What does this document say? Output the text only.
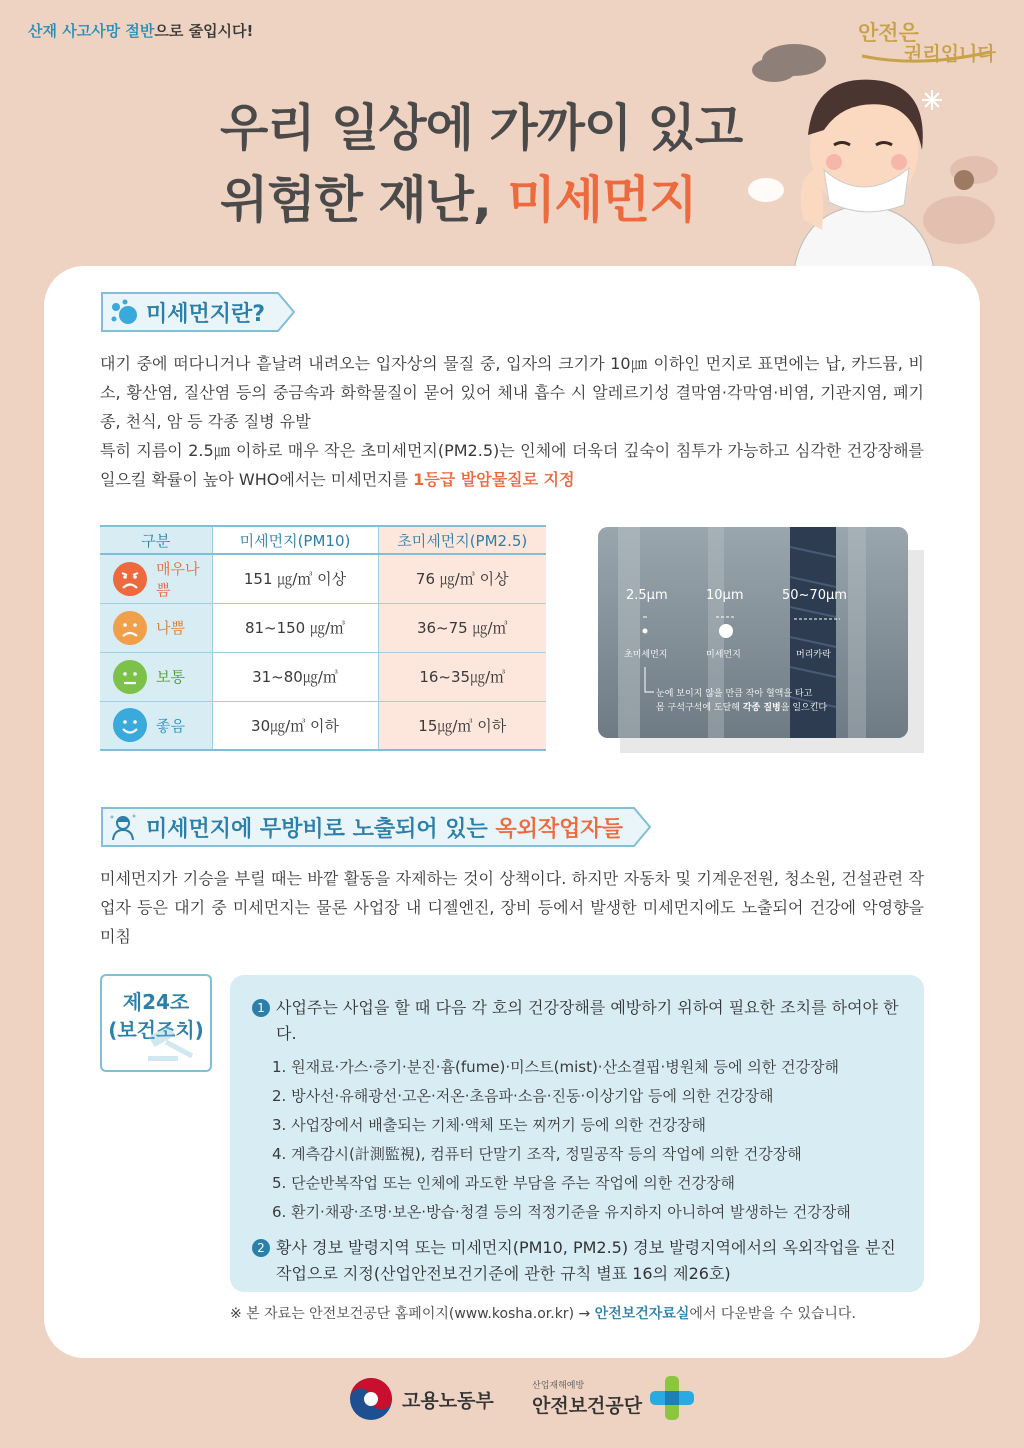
산재 사고사망 절반으로 줄입시다!	안전은
권리입니다
우리 일상에 가까이 있고
위험한 재난, 미세먼지
미세먼지란?
대기 중에 떠다니거나 흩날려 내려오는 입자상의 물질 중, 입자의 크기가 10㎛ 이하인 먼지로 표면에는 납, 카드뮴, 비소, 황산염, 질산염 등의 중금속과 화학물질이 묻어 있어 체내 흡수 시 알레르기성 결막염·각막염·비염, 기관지염, 폐기종, 천식, 암 등 각종 질병 유발
특히 지름이 2.5㎛ 이하로 매우 작은 초미세먼지(PM2.5)는 인체에 더욱더 깊숙이 침투가 가능하고 심각한 건강장해를 일으킬 확률이 높아 WHO에서는 미세먼지를 1등급 발암물질로 지정
구분	미세먼지(PM10)	초미세먼지(PM2.5)

매우나쁨	151 ㎍/㎥ 이상	76 ㎍/㎥ 이상

나쁨	81~150 ㎍/㎥	36~75 ㎍/㎥

보통	31~80㎍/㎥	16~35㎍/㎥

좋음	30㎍/㎥ 이하	15㎍/㎥ 이하
2.5μm	10μm	50~70μm
초미세먼지	미세먼지	머리카락
눈에 보이지 않을 만큼 작아 혈액을 타고
몸 구석구석에 도달해 각종 질병을 일으킨다
미세먼지에 무방비로 노출되어 있는 옥외작업자들
미세먼지가 기승을 부릴 때는 바깥 활동을 자제하는 것이 상책이다. 하지만 자동차 및 기계운전원, 청소원, 건설관련 작업자 등은 대기 중 미세먼지는 물론 사업장 내 디젤엔진, 장비 등에서 발생한 미세먼지에도 노출되어 건강에 악영향을 미침
제24조
(보건조치)
1 사업주는 사업을 할 때 다음 각 호의 건강장해를 예방하기 위하여 필요한 조치를 하여야 한다.
1. 원재료·가스·증기·분진·흄(fume)·미스트(mist)·산소결핍·병원체 등에 의한 건강장해
2. 방사선·유해광선·고온·저온·초음파·소음·진동·이상기압 등에 의한 건강장해
3. 사업장에서 배출되는 기체·액체 또는 찌꺼기 등에 의한 건강장해
4. 계측감시(計測監視), 컴퓨터 단말기 조작, 정밀공작 등의 작업에 의한 건강장해
5. 단순반복작업 또는 인체에 과도한 부담을 주는 작업에 의한 건강장해
6. 환기·채광·조명·보온·방습·청결 등의 적정기준을 유지하지 아니하여 발생하는 건강장해
2 황사 경보 발령지역 또는 미세먼지(PM10, PM2.5) 경보 발령지역에서의 옥외작업을 분진작업으로 지정(산업안전보건기준에 관한 규칙 별표 16의 제26호)
※ 본 자료는 안전보건공단 홈페이지(www.kosha.or.kr) → 안전보건자료실에서 다운받을 수 있습니다.
고용노동부
산업재해예방
안전보건공단
